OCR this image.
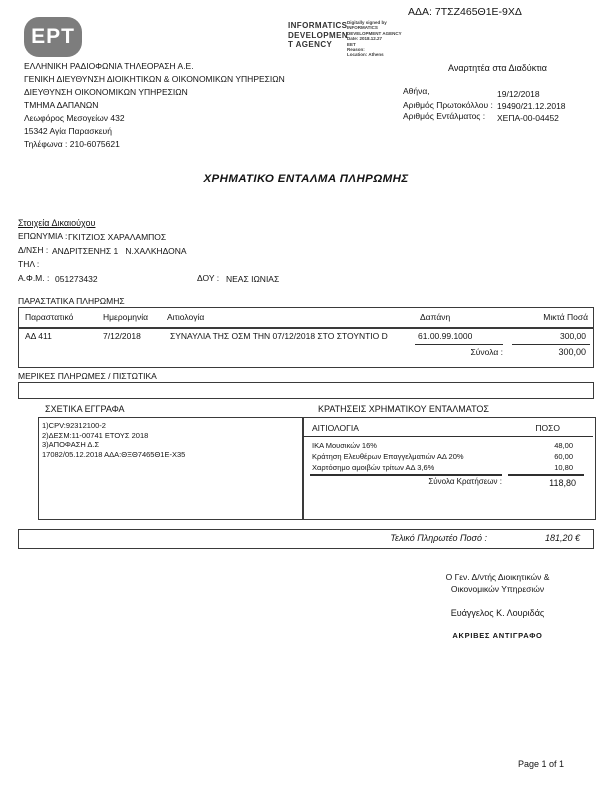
ΑΔΑ: 7ΤΣΖ465Θ1Ε-9ΧΔ
EPT	INFORMATICS
DEVELOPMEN
T AGENCY
Digitally signed by
INFORMATICS
DEVELOPMENT AGENCY
Date: 2018.12.27
EET
Reason:
Location: Athens
ΕΛΛΗΝΙΚΗ ΡΑΔΙΟΦΩΝΙΑ ΤΗΛΕΟΡΑΣΗ Α.Ε.
ΓΕΝΙΚΗ ΔΙΕΥΘΥΝΣΗ ΔΙΟΙΚΗΤΙΚΩΝ & ΟΙΚΟΝΟΜΙΚΩΝ ΥΠΗΡΕΣΙΩΝ
ΔΙΕΥΘΥΝΣΗ ΟΙΚΟΝΟΜΙΚΩΝ ΥΠΗΡΕΣΙΩΝ
ΤΜΗΜΑ ΔΑΠΑΝΩΝ
Λεωφόρος Μεσογείων 432
15342 Αγία Παρασκευή
Τηλέφωνα : 210-6075621
Αναρτητέα στα Διαδύκτια
Αθήνα,	19/12/2018
Αριθμός Πρωτοκόλλου : 19490/21.12.2018
Αριθμός Εντάλματος : ΧΕΠΑ-00-04452
ΧΡΗΜΑΤΙΚΟ ΕΝΤΑΛΜΑ ΠΛΗΡΩΜΗΣ
Στοιχεία Δικαιούχου
ΕΠΩΝΥΜΙΑ : ΓΚΙΤΖΙΟΣ ΧΑΡΑΛΑΜΠΟΣ
Δ/ΝΣΗ : ΑΝΔΡΙΤΣΕΝΗΣ 1   Ν.ΧΑΛΚΗΔΟΝΑ
ΤΗΛ :
Α.Φ.Μ. : 051273432	ΔΟΥ : ΝΕΑΣ ΙΩΝΙΑΣ
ΠΑΡΑΣΤΑΤΙΚΑ ΠΛΗΡΩΜΗΣ
Παραστατικό	Ημερομηνία Αιτιολογία	Δαπάνη	Μικτά Ποσά
ΑΔ 411	7/12/2018	ΣΥΝΑΥΛΙΑ ΤΗΣ ΟΣΜ ΤΗΝ 07/12/2018 ΣΤΟ ΣΤΟΥΝΤΙΟ D	61.00.99.1000	300,00
Σύνολα :	300,00
ΜΕΡΙΚΕΣ ΠΛΗΡΩΜΕΣ / ΠΙΣΤΩΤΙΚΑ
ΣΧΕΤΙΚΑ ΕΓΓΡΑΦΑ	ΚΡΑΤΗΣΕΙΣ ΧΡΗΜΑΤΙΚΟΥ ΕΝΤΑΛΜΑΤΟΣ
1)CPV:92312100-2
2)ΔΕΣΜ:11-00741 ΕΤΟΥΣ 2018
3)ΑΠΟΦΑΣΗ Δ.Σ
17082/05.12.2018 ΑΔΑ:ΘΞΘ7465Θ1Ε-Χ35
ΑΙΤΙΟΛΟΓΙΑ	ΠΟΣΟ
ΙΚΑ Μουσικών 16%	48,00
Κράτηση Ελευθέρων Επαγγελματιών ΑΔ 20%	60,00
Χαρτόσημο αμοιβών τρίτων ΑΔ 3,6%	10,80
Σύνολα Κρατήσεων :	118,80
Τελικό Πληρωτέο Ποσό :	181,20 €
Ο Γεν. Δ/ντής Διοικητικών &
Οικονομικών Υπηρεσιών
Ευάγγελος Κ. Λουριδάς
ΑΚΡΙΒΕΣ ΑΝΤΙΓΡΑΦΟ
Page 1 of 1
